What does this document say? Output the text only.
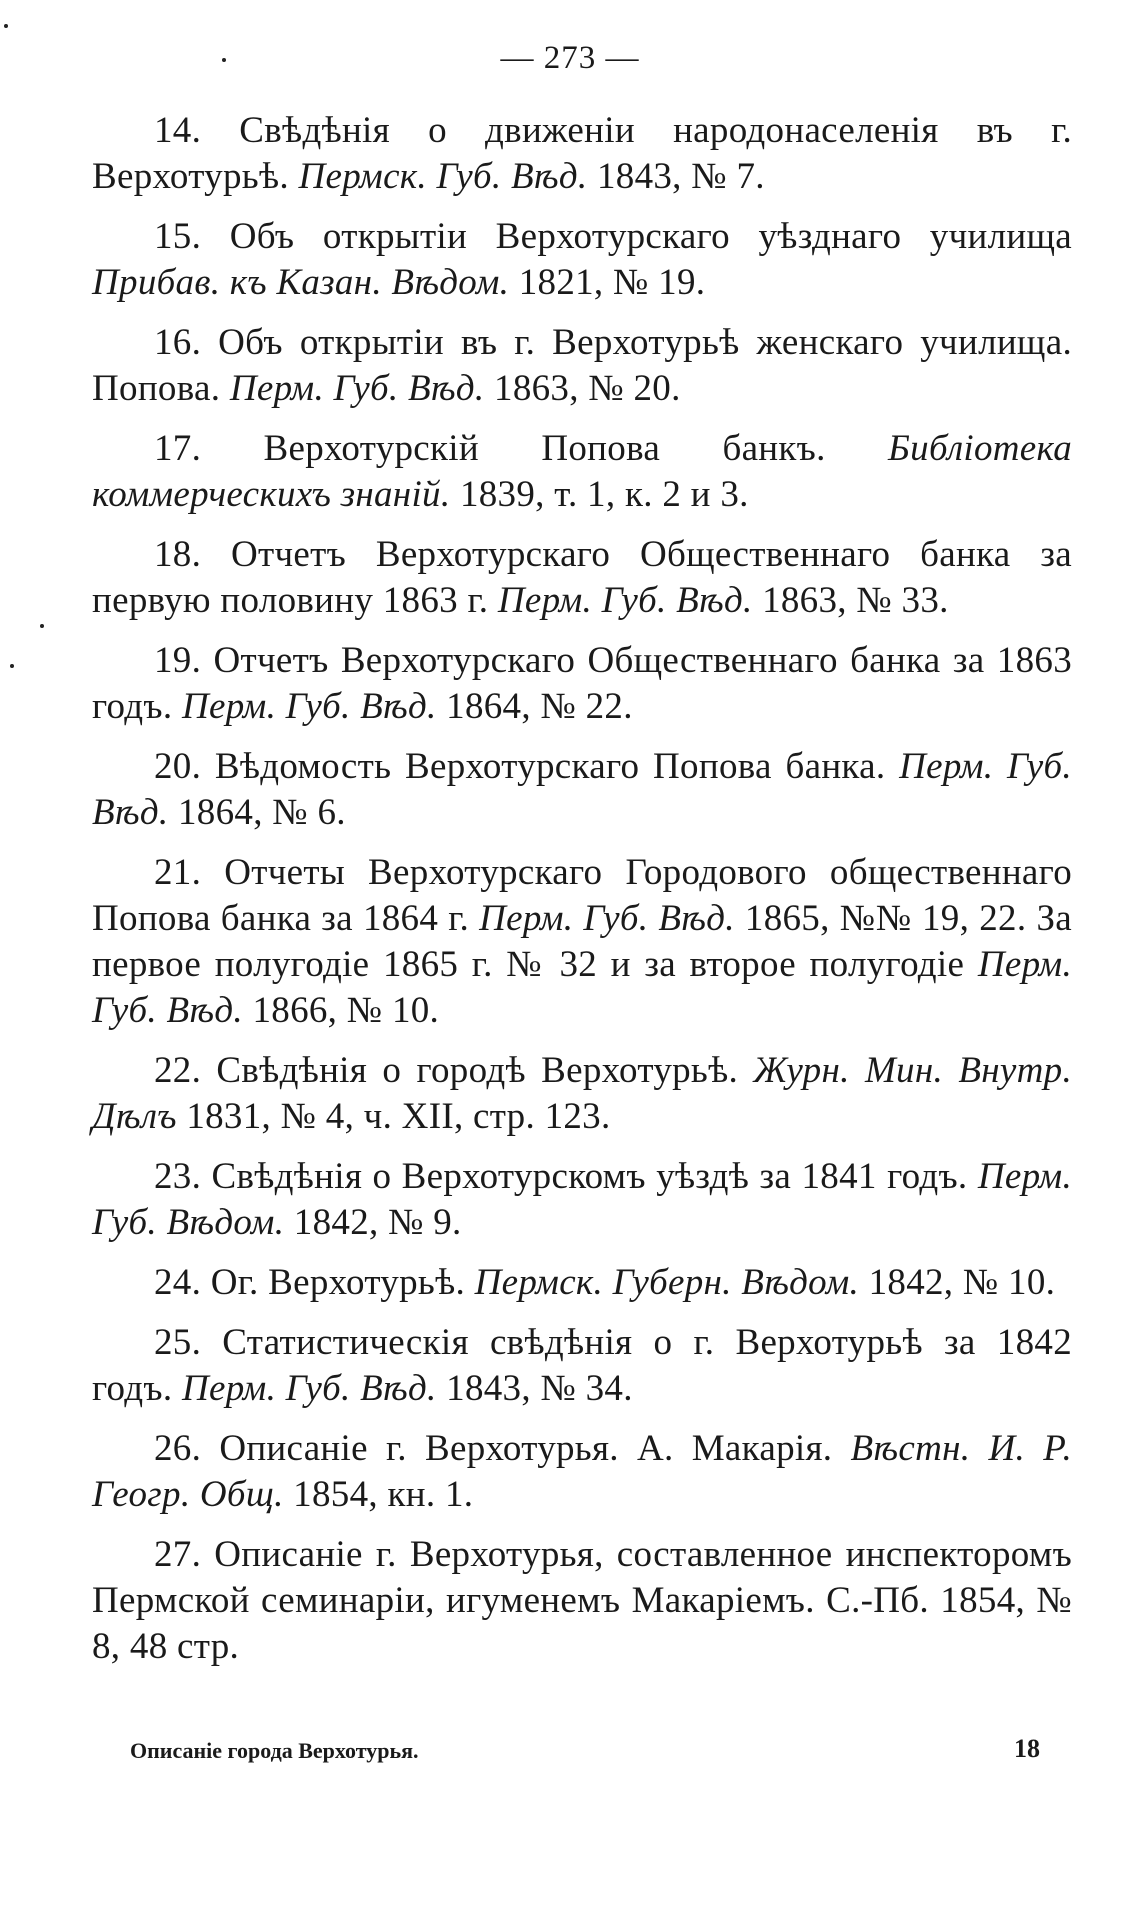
— 273 —

14. Свѣдѣнія о движеніи народонаселенія въ г. Верхотурьѣ. Пермск. Губ. Вѣд. 1843, № 7.

15. Объ открытіи Верхотурскаго уѣзднаго училища Прибав. къ Казан. Вѣдом. 1821, № 19.

16. Объ открытіи въ г. Верхотурьѣ женскаго училища. Попова. Перм. Губ. Вѣд. 1863, № 20.

17. Верхотурскій Попова банкъ. Библіотека коммерческихъ знаній. 1839, т. 1, к. 2 и 3.

18. Отчетъ Верхотурскаго Общественнаго банка за первую половину 1863 г. Перм. Губ. Вѣд. 1863, № 33.

19. Отчетъ Верхотурскаго Общественнаго банка за 1863 годъ. Перм. Губ. Вѣд. 1864, № 22.

20. Вѣдомость Верхотурскаго Попова банка. Перм. Губ. Вѣд. 1864, № 6.

21. Отчеты Верхотурскаго Городового общественнаго Попова банка за 1864 г. Перм. Губ. Вѣд. 1865, №№ 19, 22. За первое полугодіе 1865 г. № 32 и за второе полугодіе Перм. Губ. Вѣд. 1866, № 10.

22. Свѣдѣнія о городѣ Верхотурьѣ. Журн. Мин. Внутр. Дѣлъ 1831, № 4, ч. XII, стр. 123.

23. Свѣдѣнія о Верхотурскомъ уѣздѣ за 1841 годъ. Перм. Губ. Вѣдом. 1842, № 9.

24. Ог. Верхотурьѣ. Пермск. Губерн. Вѣдом. 1842, № 10.

25. Статистическія свѣдѣнія о г. Верхотурьѣ за 1842 годъ. Перм. Губ. Вѣд. 1843, № 34.

26. Описаніе г. Верхотурья. А. Макарія. Вѣстн. И. Р. Геогр. Общ. 1854, кн. 1.

27. Описаніе г. Верхотурья, составленное инспекторомъ Пермской семинаріи, игуменемъ Макаріемъ. С.-Пб. 1854, № 8, 48 стр.

Описаніе города Верхотурья.	18
